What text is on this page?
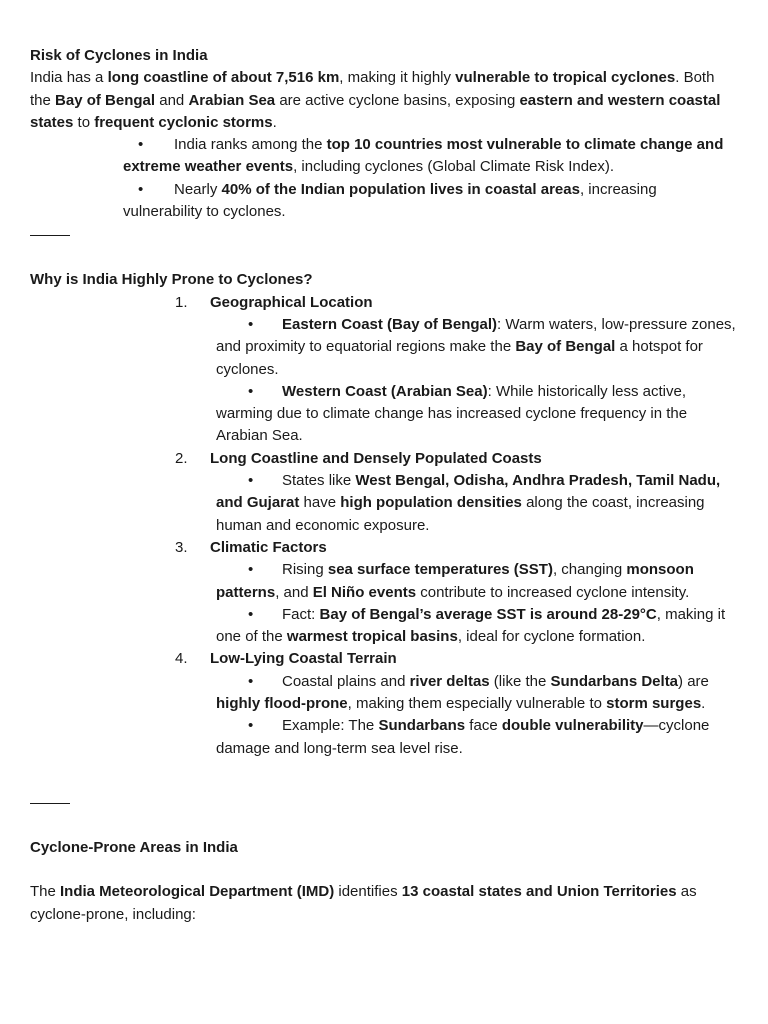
Risk of Cyclones in India

India has a long coastline of about 7,516 km, making it highly vulnerable to tropical cyclones. Both the Bay of Bengal and Arabian Sea are active cyclone basins, exposing eastern and western coastal states to frequent cyclonic storms.

•	India ranks among the top 10 countries most vulnerable to climate change and extreme weather events, including cyclones (Global Climate Risk Index).

•	Nearly 40% of the Indian population lives in coastal areas, increasing vulnerability to cyclones.

Why is India Highly Prone to Cyclones?

1.	Geographical Location

•	Eastern Coast (Bay of Bengal): Warm waters, low-pressure zones, and proximity to equatorial regions make the Bay of Bengal a hotspot for cyclones.

•	Western Coast (Arabian Sea): While historically less active, warming due to climate change has increased cyclone frequency in the Arabian Sea.

2.	Long Coastline and Densely Populated Coasts

•	States like West Bengal, Odisha, Andhra Pradesh, Tamil Nadu, and Gujarat have high population densities along the coast, increasing human and economic exposure.

3.	Climatic Factors

•	Rising sea surface temperatures (SST), changing monsoon patterns, and El Niño events contribute to increased cyclone intensity.

•	Fact: Bay of Bengal’s average SST is around 28-29°C, making it one of the warmest tropical basins, ideal for cyclone formation.

4.	Low-Lying Coastal Terrain

•	Coastal plains and river deltas (like the Sundarbans Delta) are highly flood-prone, making them especially vulnerable to storm surges.

•	Example: The Sundarbans face double vulnerability—cyclone damage and long-term sea level rise.

Cyclone-Prone Areas in India

The India Meteorological Department (IMD) identifies 13 coastal states and Union Territories as cyclone-prone, including:
